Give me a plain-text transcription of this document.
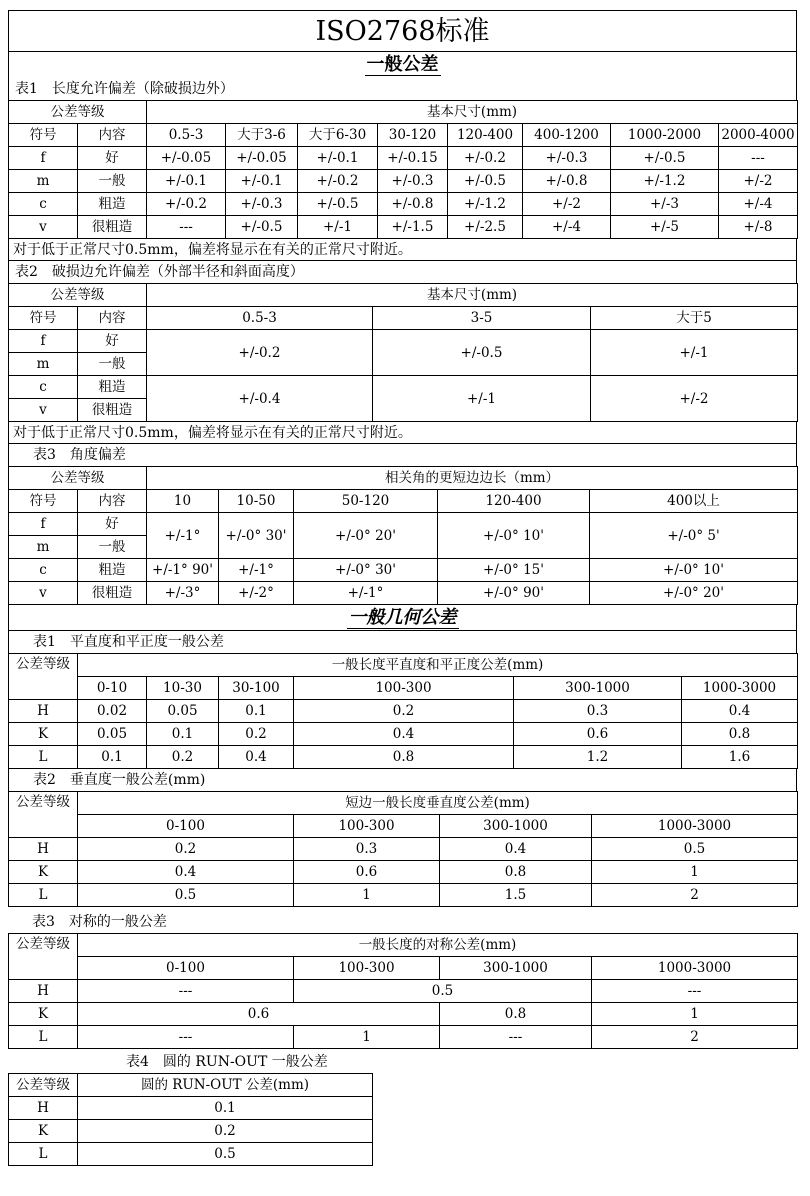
ISO2768标准
一般公差
表1　长度允许偏差（除破损边外）
公差等级		基本尺寸(mm)							
符号	内容	0.5-3	大于3-6	大于6-30	30-120	120-400	400-1200	1000-2000	2000-4000
f	好	+/-0.05	+/-0.05	+/-0.1	+/-0.15	+/-0.2	+/-0.3	+/-0.5	---
m	一般	+/-0.1	+/-0.1	+/-0.2	+/-0.3	+/-0.5	+/-0.8	+/-1.2	+/-2
c	粗造	+/-0.2	+/-0.3	+/-0.5	+/-0.8	+/-1.2	+/-2	+/-3	+/-4
v	很粗造	---	+/-0.5	+/-1	+/-1.5	+/-2.5	+/-4	+/-5	+/-8
对于低于正常尺寸0.5mm，偏差将显示在有关的正常尺寸附近。
表2　破损边允许偏差（外部半径和斜面高度）
公差等级		基本尺寸(mm)		
符号	内容	0.5-3	3-5	大于5
f	好	+/-0.2	+/-0.5	+/-1
m	一般			
c	粗造	+/-0.4	+/-1	+/-2
v	很粗造			
对于低于正常尺寸0.5mm，偏差将显示在有关的正常尺寸附近。
表3　角度偏差
公差等级		相关角的更短边边长（mm）				
符号	内容	10	10-50	50-120	120-400	400以上
f	好	+/-1°	+/-0° 30'	+/-0° 20'	+/-0° 10'	+/-0° 5'
m	一般					
c	粗造	+/-1° 90'	+/-1°	+/-0° 30'	+/-0° 15'	+/-0° 10'
v	很粗造	+/-3°	+/-2°	+/-1°	+/-0° 90'	+/-0° 20'
一般几何公差
表1　平直度和平正度一般公差
公差等级	一般长度平直度和平正度公差(mm)					
	0-10	10-30	30-100	100-300	300-1000	1000-3000
H	0.02	0.05	0.1	0.2	0.3	0.4
K	0.05	0.1	0.2	0.4	0.6	0.8
L	0.1	0.2	0.4	0.8	1.2	1.6
表2　垂直度一般公差(mm)
公差等级	短边一般长度垂直度公差(mm)			
	0-100	100-300	300-1000	1000-3000
H	0.2	0.3	0.4	0.5
K	0.4	0.6	0.8	1
L	0.5	1	1.5	2
表3　对称的一般公差
公差等级	一般长度的对称公差(mm)			
	0-100	100-300	300-1000	1000-3000
H	---	0.5		---
K	0.6		0.8	1
L	---	1	---	2
表4　圆的 RUN-OUT 一般公差
公差等级	圆的 RUN-OUT 公差(mm)
H	0.1
K	0.2
L	0.5
